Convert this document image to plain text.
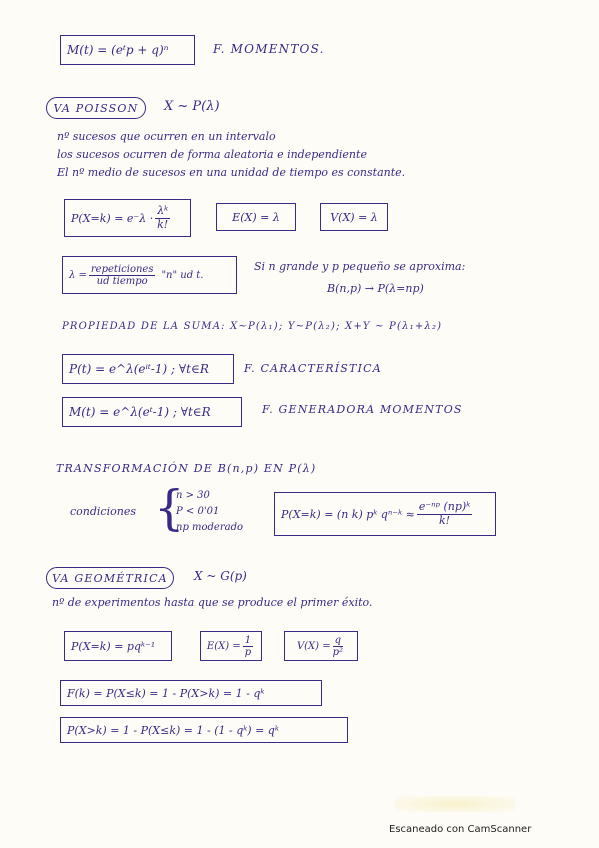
M(t) = (eᵗp + q)ⁿ	F. MOMENTOS.
VA POISSON X ~ P(λ)
nº sucesos que ocurren en un intervalo
los sucesos ocurren de forma aleatoria e independiente
El nº medio de sucesos en una unidad de tiempo es constante.
$P(X=k) = e^-\lambda \cdot \frac{\text{λᵏ}}{k!}$	E(X) = λ	V(X) = λ
$\lambda = \frac{\text{repeticiones}}{\text{ud tiempo}}$ "n" ud t.
Si n grande y p pequeño se aproxima:
B(n,p) → P(λ=np)
PROPIEDAD DE LA SUMA: X~P(λ₁); Y~P(λ₂); X+Y ~ P(λ₁+λ₂)
P(t) = e^λ(eⁱᵗ-1) ; ∀t∈R	F. CARACTERÍSTICA
M(t) = e^λ(eᵗ-1) ; ∀t∈R	F. GENERADORA MOMENTOS
TRANSFORMACIÓN DE B(n,p) EN P(λ)
condiciones {
n > 30
P < 0'01
np moderado
P(X=k) = (n k) pᵏ qⁿ⁻ᵏ ≈ $\frac{\text{e⁻ⁿᵖ (np)ᵏ}}{k!}$
VA GEOMÉTRICA X ~ G(p)
nº de experimentos hasta que se produce el primer éxito.
P(X=k) = pqᵏ⁻¹	$E(X) = \frac{1}{p}$	$V(X) = \frac{q}{\text{p²}}$
F(k) = P(X≤k) = 1 - P(X>k) = 1 - qᵏ
P(X>k) = 1 - P(X≤k) = 1 - (1 - qᵏ) = qᵏ
Escaneado con CamScanner
